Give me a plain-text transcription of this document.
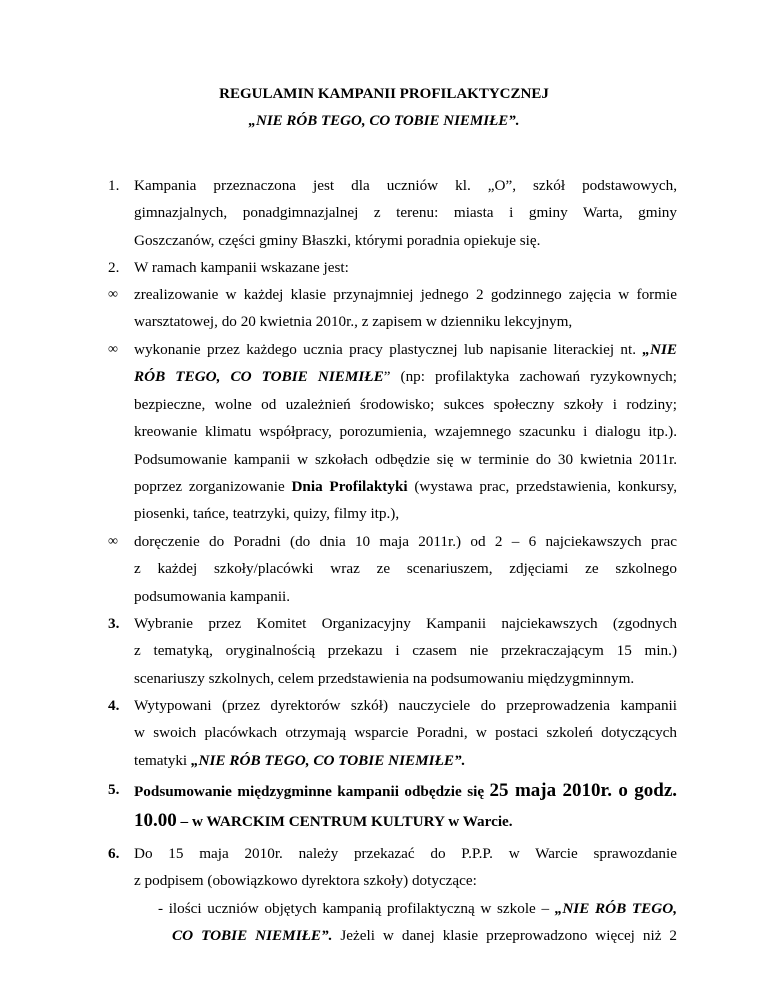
REGULAMIN KAMPANII PROFILAKTYCZNEJ
„NIE RÓB TEGO, CO TOBIE NIEMIŁE”.
1. Kampania przeznaczona jest dla uczniów kl. „O”, szkół podstawowych,
gimnazjalnych, ponadgimnazjalnej z terenu: miasta i gminy Warta, gminy
Goszczanów, części gminy Błaszki, którymi poradnia opiekuje się.
2. W ramach kampanii wskazane jest:
∞ zrealizowanie w każdej klasie przynajmniej jednego 2 godzinnego zajęcia w formie
warsztatowej, do 20 kwietnia 2010r., z zapisem w dzienniku lekcyjnym,
∞ wykonanie przez każdego ucznia pracy plastycznej lub napisanie literackiej nt. „NIE
RÓB TEGO, CO TOBIE NIEMIŁE” (np: profilaktyka zachowań ryzykownych;
bezpieczne, wolne od uzależnień środowisko; sukces społeczny szkoły i rodziny;
kreowanie klimatu współpracy, porozumienia, wzajemnego szacunku i dialogu itp.).
Podsumowanie kampanii w szkołach odbędzie się w terminie do 30 kwietnia 2011r.
poprzez zorganizowanie Dnia Profilaktyki (wystawa prac, przedstawienia, konkursy,
piosenki, tańce, teatrzyki, quizy, filmy itp.),
∞ doręczenie do Poradni (do dnia 10 maja 2011r.) od 2 – 6 najciekawszych prac
z każdej szkoły/placówki wraz ze scenariuszem, zdjęciami ze szkolnego
podsumowania kampanii.
3. Wybranie przez Komitet Organizacyjny Kampanii najciekawszych (zgodnych
z tematyką, oryginalnością przekazu i czasem nie przekraczającym 15 min.)
scenariuszy szkolnych, celem przedstawienia na podsumowaniu międzygminnym.
4. Wytypowani (przez dyrektorów szkół) nauczyciele do przeprowadzenia kampanii
w swoich placówkach otrzymają wsparcie Poradni, w postaci szkoleń dotyczących
tematyki „NIE RÓB TEGO, CO TOBIE NIEMIŁE”.
5. Podsumowanie międzygminne kampanii odbędzie się 25 maja 2010r. o godz.
10.00 – w WARCKIM CENTRUM KULTURY w Warcie.
6. Do 15 maja 2010r. należy przekazać do P.P.P. w Warcie sprawozdanie
z podpisem (obowiązkowo dyrektora szkoły) dotyczące:
- ilości uczniów objętych kampanią profilaktyczną w szkole – „NIE RÓB TEGO,
CO TOBIE NIEMIŁE”. Jeżeli w danej klasie przeprowadzono więcej niż 2
